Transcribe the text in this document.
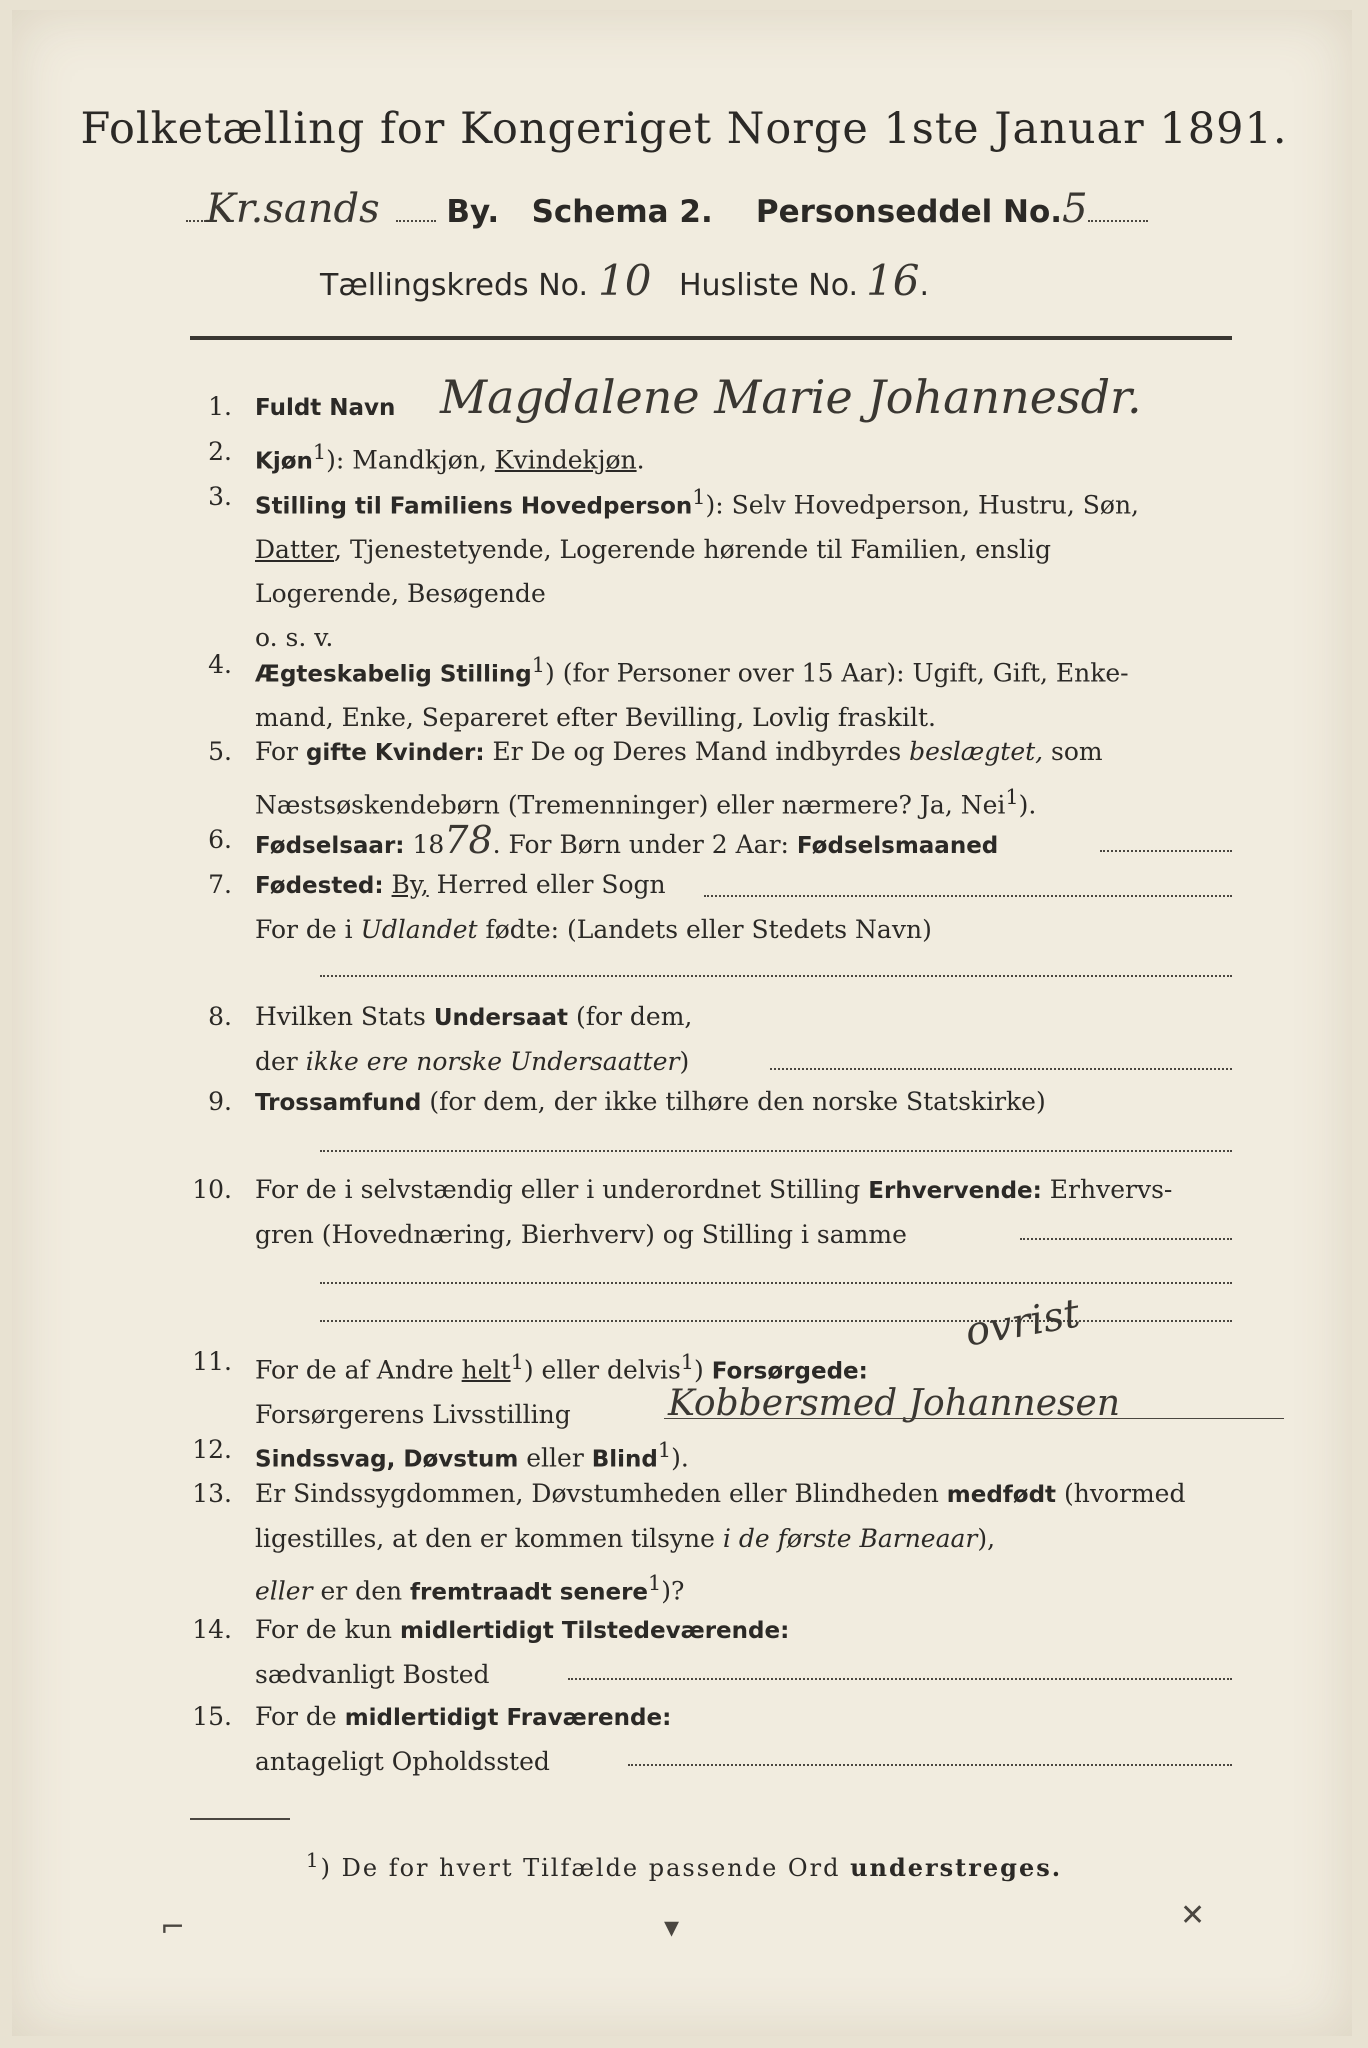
Folketælling for Kongeriget Norge 1ste Januar 1891.
Kr.sands By. Schema 2. Personseddel No.5
Tællingskreds No. 10 Husliste No. 16.
1. Fuldt Navn Magdalene Marie Johannesdr.
2. Kjøn$^1$): Mandkjøn, Kvindekjøn.
3. Stilling til Familiens Hovedperson$^1$): Selv Hovedperson, Hustru, Søn,
Datter, Tjenestetyende, Logerende hørende til Familien, enslig
Logerende, Besøgende
o. s. v.
4. Ægteskabelig Stilling$^1$) (for Personer over 15 Aar): Ugift, Gift, Enke-
mand, Enke, Separeret efter Bevilling, Lovlig fraskilt.
5. For gifte Kvinder: Er De og Deres Mand indbyrdes beslægtet, som
Næstsøskendebørn (Tremenninger) eller nærmere? Ja, Nei$^1$).
6. Fødselsaar: 1878. For Børn under 2 Aar: Fødselsmaaned
7. Fødested: By, Herred eller Sogn
For de i Udlandet fødte: (Landets eller Stedets Navn)
8. Hvilken Stats Undersaat (for dem,
der ikke ere norske Undersaatter)
9. Trossamfund (for dem, der ikke tilhøre den norske Statskirke)
10. For de i selvstændig eller i underordnet Stilling Erhvervende: Erhvervs-
gren (Hovednæring, Bierhverv) og Stilling i samme
11. For de af Andre helt$^1$) eller delvis$^1$) Forsørgede:
Forsørgerens Livsstilling
ovrist
Kobbersmed Johannesen
12. Sindssvag, Døvstum eller Blind$^1$).
13. Er Sindssygdommen, Døvstumheden eller Blindheden medfødt (hvormed
ligestilles, at den er kommen tilsyne i de første Barneaar),
eller er den fremtraadt senere$^1$)?
14. For de kun midlertidigt Tilstedeværende:
sædvanligt Bosted
15. For de midlertidigt Fraværende:
antageligt Opholdssted
$^1$) De for hvert Tilfælde passende Ord understreges.
⌐	▾	✕
